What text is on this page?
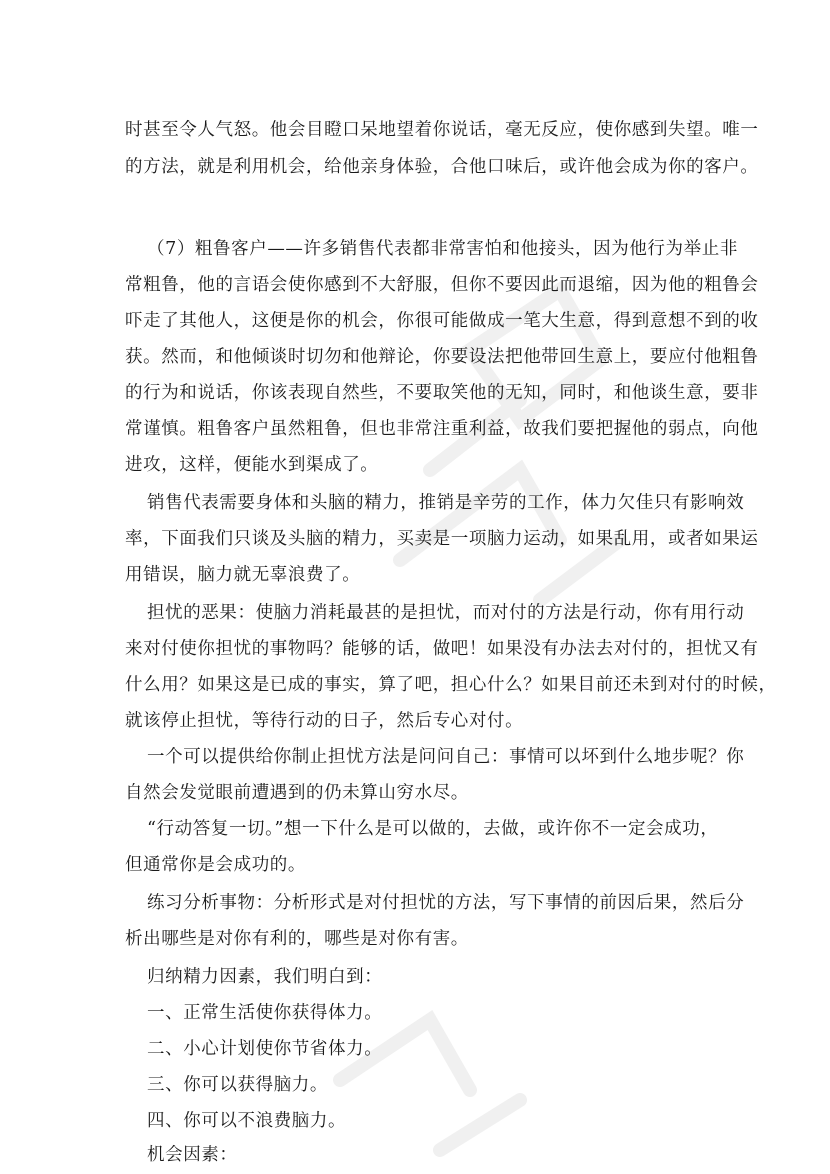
时甚至令人气怒。他会目瞪口呆地望着你说话，毫无反应，使你感到失望。唯一
的方法，就是利用机会，给他亲身体验，合他口味后，或许他会成为你的客户。
（7）粗鲁客户——许多销售代表都非常害怕和他接头，因为他行为举止非
常粗鲁，他的言语会使你感到不大舒服，但你不要因此而退缩，因为他的粗鲁会
吓走了其他人，这便是你的机会，你很可能做成一笔大生意，得到意想不到的收
获。然而，和他倾谈时切勿和他辩论，你要设法把他带回生意上，要应付他粗鲁
的行为和说话，你该表现自然些，不要取笑他的无知，同时，和他谈生意，要非
常谨慎。粗鲁客户虽然粗鲁，但也非常注重利益，故我们要把握他的弱点，向他
进攻，这样，便能水到渠成了。
销售代表需要身体和头脑的精力，推销是辛劳的工作，体力欠佳只有影响效
率，下面我们只谈及头脑的精力，买卖是一项脑力运动，如果乱用，或者如果运
用错误，脑力就无辜浪费了。
担忧的恶果：使脑力消耗最甚的是担忧，而对付的方法是行动，你有用行动
来对付使你担忧的事物吗？能够的话，做吧！如果没有办法去对付的，担忧又有
什么用？如果这是已成的事实，算了吧，担心什么？如果目前还未到对付的时候，
就该停止担忧，等待行动的日子，然后专心对付。
一个可以提供给你制止担忧方法是问问自己：事情可以坏到什么地步呢？你
自然会发觉眼前遭遇到的仍未算山穷水尽。
“行动答复一切。”想一下什么是可以做的，去做，或许你不一定会成功，
但通常你是会成功的。
练习分析事物：分析形式是对付担忧的方法，写下事情的前因后果，然后分
析出哪些是对你有利的，哪些是对你有害。
归纳精力因素，我们明白到：
一、正常生活使你获得体力。
二、小心计划使你节省体力。
三、你可以获得脑力。
四、你可以不浪费脑力。
机会因素：
